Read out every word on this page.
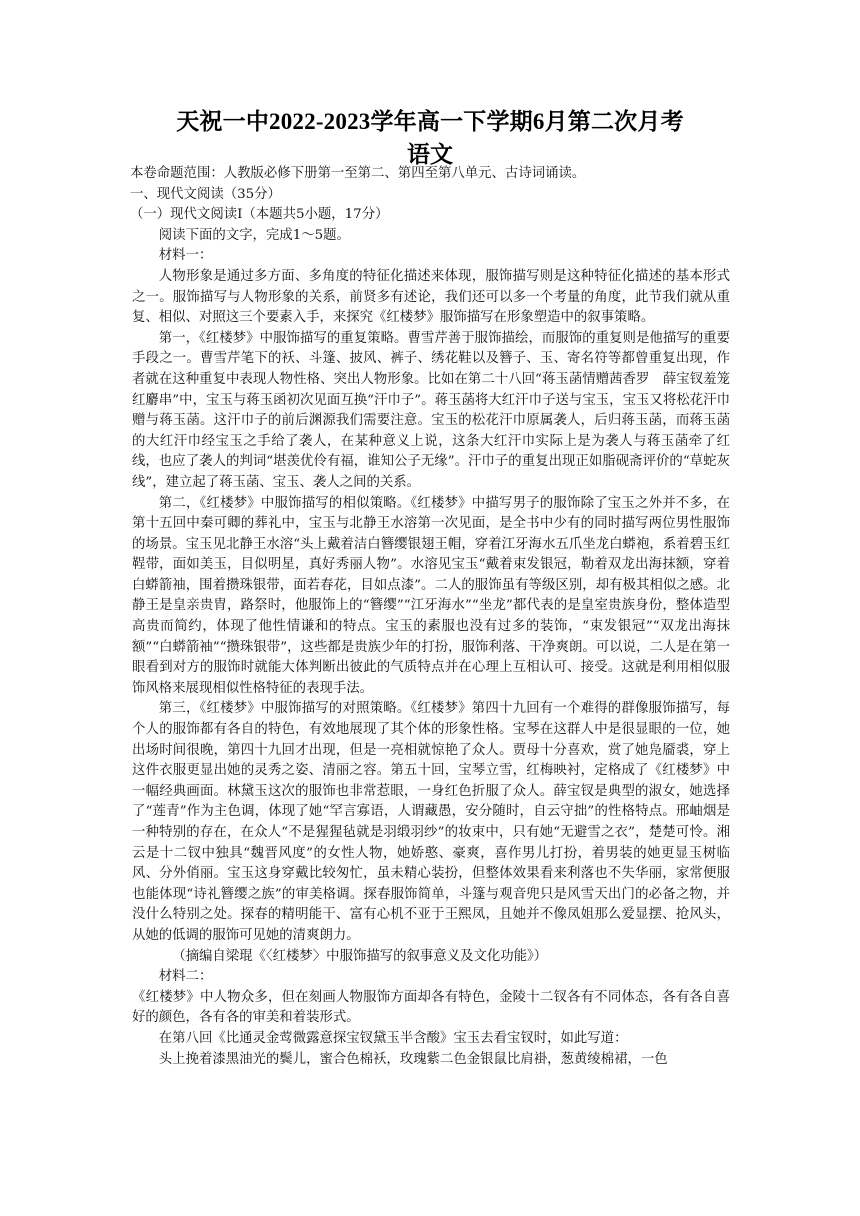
天祝一中2022-2023学年高一下学期6月第二次月考
语文

本卷命题范围：人教版必修下册第一至第二、第四至第八单元、古诗词诵读。

一、现代文阅读（35分）

（一）现代文阅读Ⅰ（本题共5小题，17分）

阅读下面的文字，完成1～5题。

材料一：

人物形象是通过多方面、多角度的特征化描述来体现，服饰描写则是这种特征化描述的基本形式之一。服饰描写与人物形象的关系，前贤多有述论，我们还可以多一个考量的角度，此节我们就从重复、相似、对照这三个要素入手，来探究《红楼梦》服饰描写在形象塑造中的叙事策略。

第一，《红楼梦》中服饰描写的重复策略。曹雪芹善于服饰描绘，而服饰的重复则是他描写的重要手段之一。曹雪芹笔下的袄、斗篷、披风、裤子、绣花鞋以及簪子、玉、寄名符等都曾重复出现，作者就在这种重复中表现人物性格、突出人物形象。比如在第二十八回“蒋玉菡情赠茜香罗　薛宝钗羞笼红麝串”中，宝玉与蒋玉函初次见面互换“汗巾子”。蒋玉菡将大红汗巾子送与宝玉，宝玉又将松花汗巾赠与蒋玉菡。这汗巾子的前后渊源我们需要注意。宝玉的松花汗巾原属袭人，后归蒋玉菡，而蒋玉菡的大红汗巾经宝玉之手给了袭人，在某种意义上说，这条大红汗巾实际上是为袭人与蒋玉菡牵了红线，也应了袭人的判词“堪羡优伶有福，谁知公子无缘”。汗巾子的重复出现正如脂砚斋评价的“草蛇灰线”，建立起了蒋玉菡、宝玉、袭人之间的关系。

第二，《红楼梦》中服饰描写的相似策略。《红楼梦》中描写男子的服饰除了宝玉之外并不多，在第十五回中秦可卿的葬礼中，宝玉与北静王水溶第一次见面，是全书中少有的同时描写两位男性服饰的场景。宝玉见北静王水溶“头上戴着洁白簪缨银翅王帽，穿着江牙海水五爪坐龙白蟒袍，系着碧玉红鞓带，面如美玉，目似明星，真好秀丽人物”。水溶见宝玉“戴着束发银冠，勒着双龙出海抹额，穿着白蟒箭袖，围着攒珠银带，面若春花，目如点漆”。二人的服饰虽有等级区别，却有极其相似之感。北静王是皇亲贵胄，路祭时，他服饰上的“簪缨”“江牙海水”“坐龙”都代表的是皇室贵族身份，整体造型高贵而简约，体现了他性情谦和的特点。宝玉的素服也没有过多的装饰，“束发银冠”“双龙出海抹额”“白蟒箭袖”“攒珠银带”，这些都是贵族少年的打扮，服饰利落、干净爽朗。可以说，二人是在第一眼看到对方的服饰时就能大体判断出彼此的气质特点并在心理上互相认可、接受。这就是利用相似服饰风格来展现相似性格特征的表现手法。

第三，《红楼梦》中服饰描写的对照策略。《红楼梦》第四十九回有一个难得的群像服饰描写，每个人的服饰都有各自的特色，有效地展现了其个体的形象性格。宝琴在这群人中是很显眼的一位，她出场时间很晚，第四十九回才出现，但是一亮相就惊艳了众人。贾母十分喜欢，赏了她凫靥裘，穿上这件衣服更显出她的灵秀之姿、清丽之容。第五十回，宝琴立雪，红梅映衬，定格成了《红楼梦》中一幅经典画面。林黛玉这次的服饰也非常惹眼，一身红色折服了众人。薛宝钗是典型的淑女，她选择了“莲青”作为主色调，体现了她“罕言寡语，人谓藏愚，安分随时，自云守拙”的性格特点。邢岫烟是一种特别的存在，在众人“不是猩猩毡就是羽缎羽纱”的妆束中，只有她“无避雪之衣”，楚楚可怜。湘云是十二钗中独具“魏晋风度”的女性人物，她娇憨、豪爽，喜作男儿打扮，着男装的她更显玉树临风、分外俏丽。宝玉这身穿戴比较匆忙，虽未精心装扮，但整体效果看来利落也不失华丽，家常便服也能体现“诗礼簪缨之族”的审美格调。探春服饰简单，斗篷与观音兜只是风雪天出门的必备之物，并没什么特别之处。探春的精明能干、富有心机不亚于王熙凤，且她并不像凤姐那么爱显摆、抢风头，从她的低调的服饰可见她的清爽朗力。

（摘编自梁琨《〈红楼梦〉中服饰描写的叙事意义及文化功能》）

材料二：

《红楼梦》中人物众多，但在刻画人物服饰方面却各有特色，金陵十二钗各有不同体态，各有各自喜好的颜色，各有各的审美和着装形式。

在第八回《比通灵金莺微露意探宝钗黛玉半含酸》宝玉去看宝钗时，如此写道：

头上挽着漆黑油光的鬓儿，蜜合色棉袄，玫瑰紫二色金银鼠比肩褂，葱黄绫棉裙，一色
